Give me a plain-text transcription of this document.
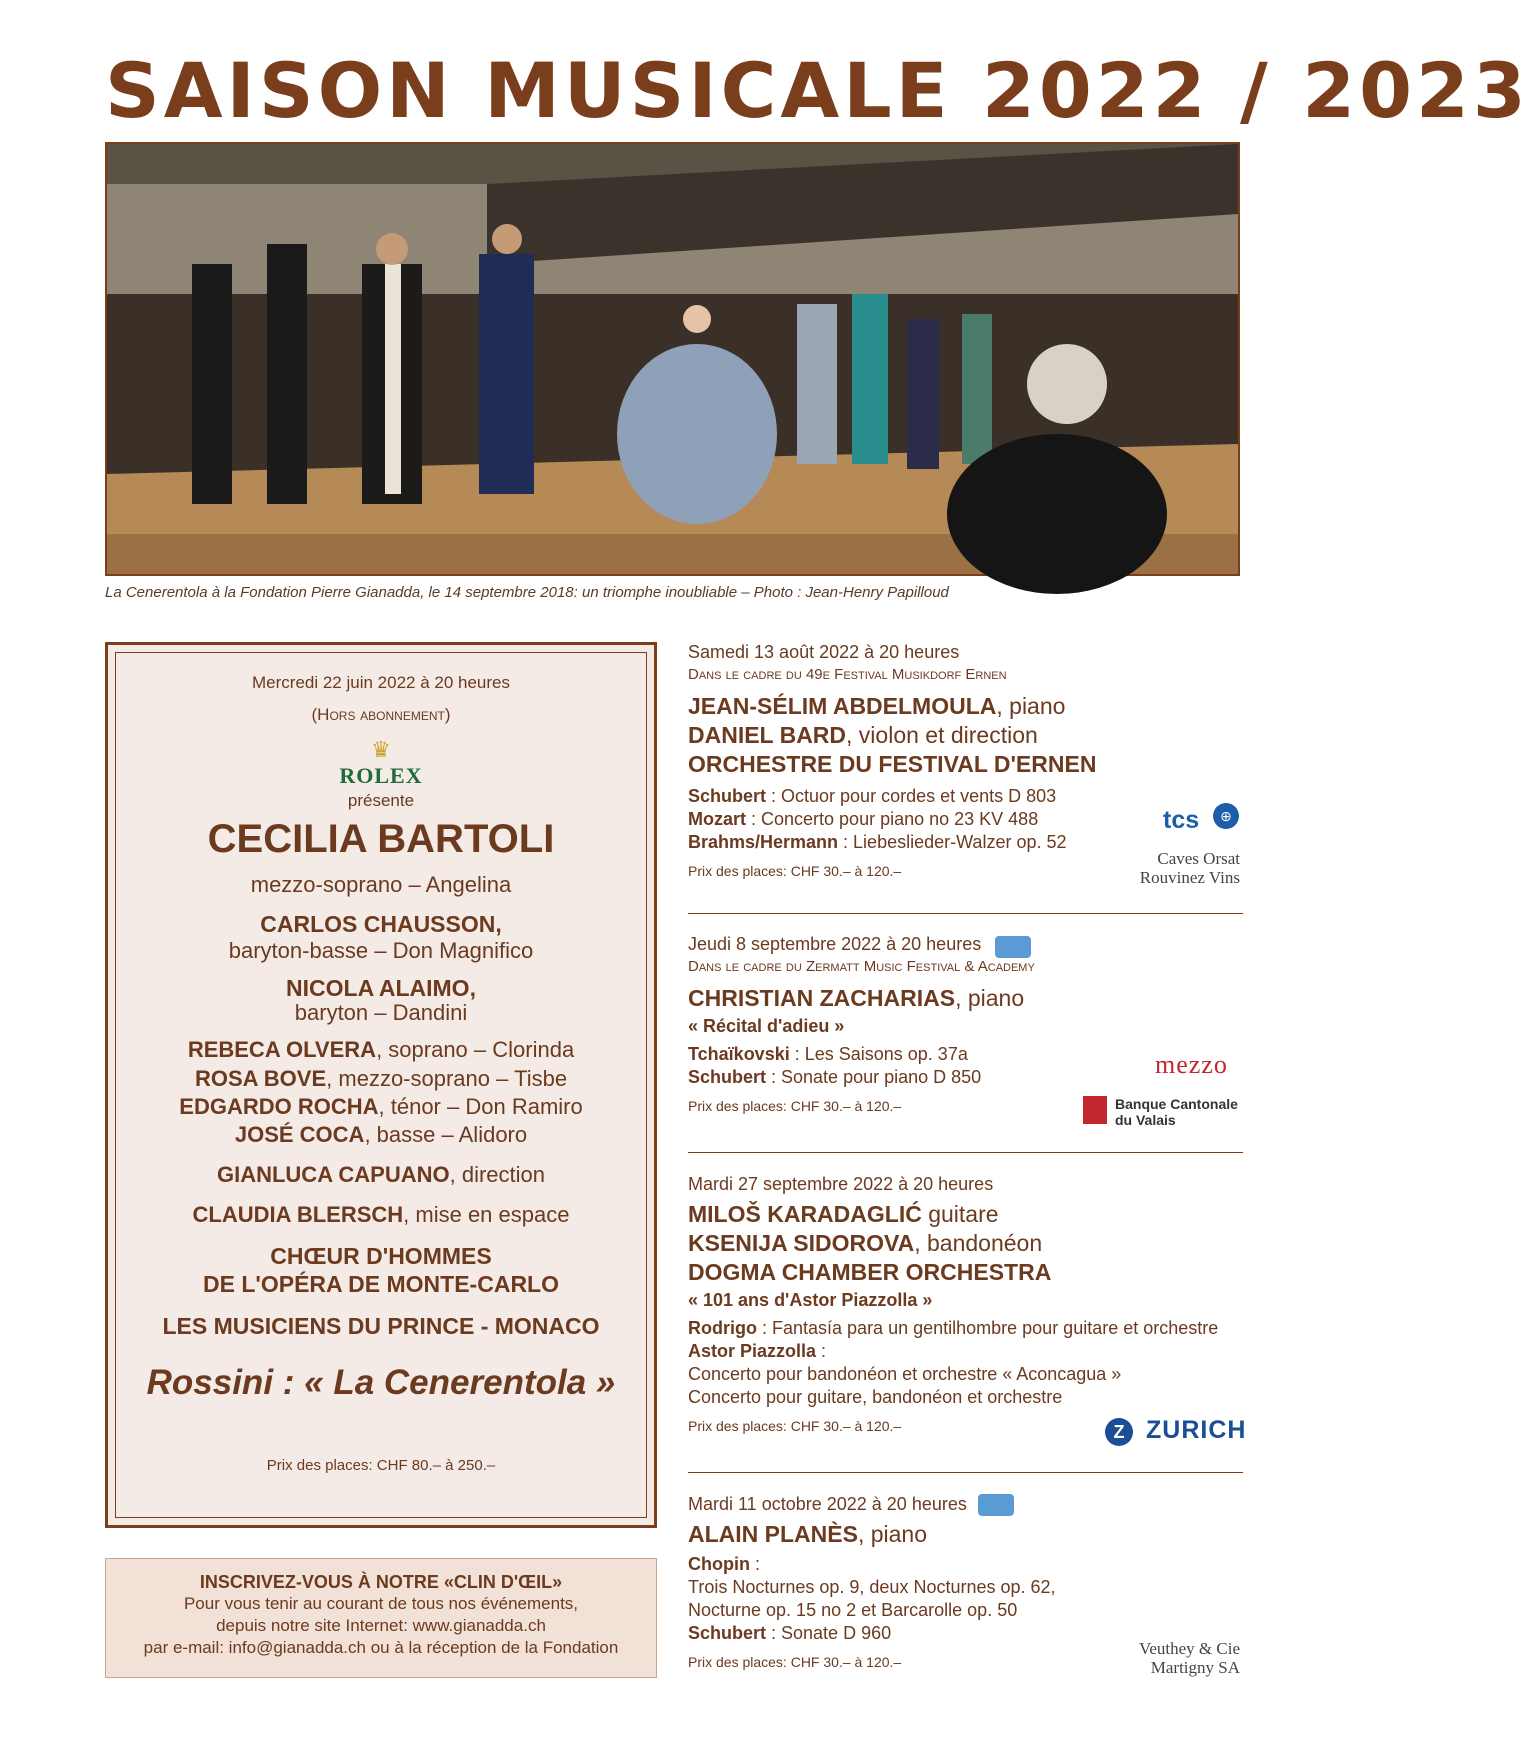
SAISON MUSICALE 2022 / 2023
La Cenerentola à la Fondation Pierre Gianadda, le 14 septembre 2018: un triomphe inoubliable – Photo : Jean-Henry Papilloud
Mercredi 22 juin 2022 à 20 heures
(Hors abonnement)
♛
ROLEX
présente
CECILIA BARTOLI
mezzo-soprano – Angelina
CARLOS CHAUSSON,
baryton-basse – Don Magnifico
NICOLA ALAIMO,
baryton – Dandini
REBECA OLVERA, soprano – Clorinda
ROSA BOVE, mezzo-soprano – Tisbe
EDGARDO ROCHA, ténor – Don Ramiro
JOSÉ COCA, basse – Alidoro
GIANLUCA CAPUANO, direction
CLAUDIA BLERSCH, mise en espace
CHŒUR D'HOMMES
DE L'OPÉRA DE MONTE-CARLO
LES MUSICIENS DU PRINCE - MONACO
Rossini : « La Cenerentola »
Prix des places: CHF 80.– à 250.–
INSCRIVEZ-VOUS À NOTRE «CLIN D'ŒIL»
Pour vous tenir au courant de tous nos événements,
depuis notre site Internet: www.gianadda.ch
par e-mail: info@gianadda.ch ou à la réception de la Fondation
Samedi 13 août 2022 à 20 heures
Dans le cadre du 49e Festival Musikdorf Ernen
JEAN-SÉLIM ABDELMOULA, piano
DANIEL BARD, violon et direction
ORCHESTRE DU FESTIVAL D'ERNEN
Schubert : Octuor pour cordes et vents D 803
Mozart : Concerto pour piano no 23 KV 488
Brahms/Hermann : Liebeslieder-Walzer op. 52
Prix des places: CHF 30.– à 120.–
Jeudi 8 septembre 2022 à 20 heures
Dans le cadre du Zermatt Music Festival & Academy
CHRISTIAN ZACHARIAS, piano
« Récital d'adieu »
Tchaïkovski : Les Saisons op. 37a
Schubert : Sonate pour piano D 850
Prix des places: CHF 30.– à 120.–
Mardi 27 septembre 2022 à 20 heures
MILOŠ KARADAGLIĆ guitare
KSENIJA SIDOROVA, bandonéon
DOGMA CHAMBER ORCHESTRA
« 101 ans d'Astor Piazzolla »
Rodrigo : Fantasía para un gentilhombre pour guitare et orchestre
Astor Piazzolla :
Concerto pour bandonéon et orchestre « Aconcagua »
Concerto pour guitare, bandonéon et orchestre
Prix des places: CHF 30.– à 120.–
Mardi 11 octobre 2022 à 20 heures
ALAIN PLANÈS, piano
Chopin :
Trois Nocturnes op. 9, deux Nocturnes op. 62,
Nocturne op. 15 no 2 et Barcarolle op. 50
Schubert : Sonate D 960
Prix des places: CHF 30.– à 120.–
tcs	⊕
Caves Orsat
Rouvinez Vins
mezzo
Banque Cantonale
du Valais
Z ZURICH
Veuthey & Cie
Martigny SA
